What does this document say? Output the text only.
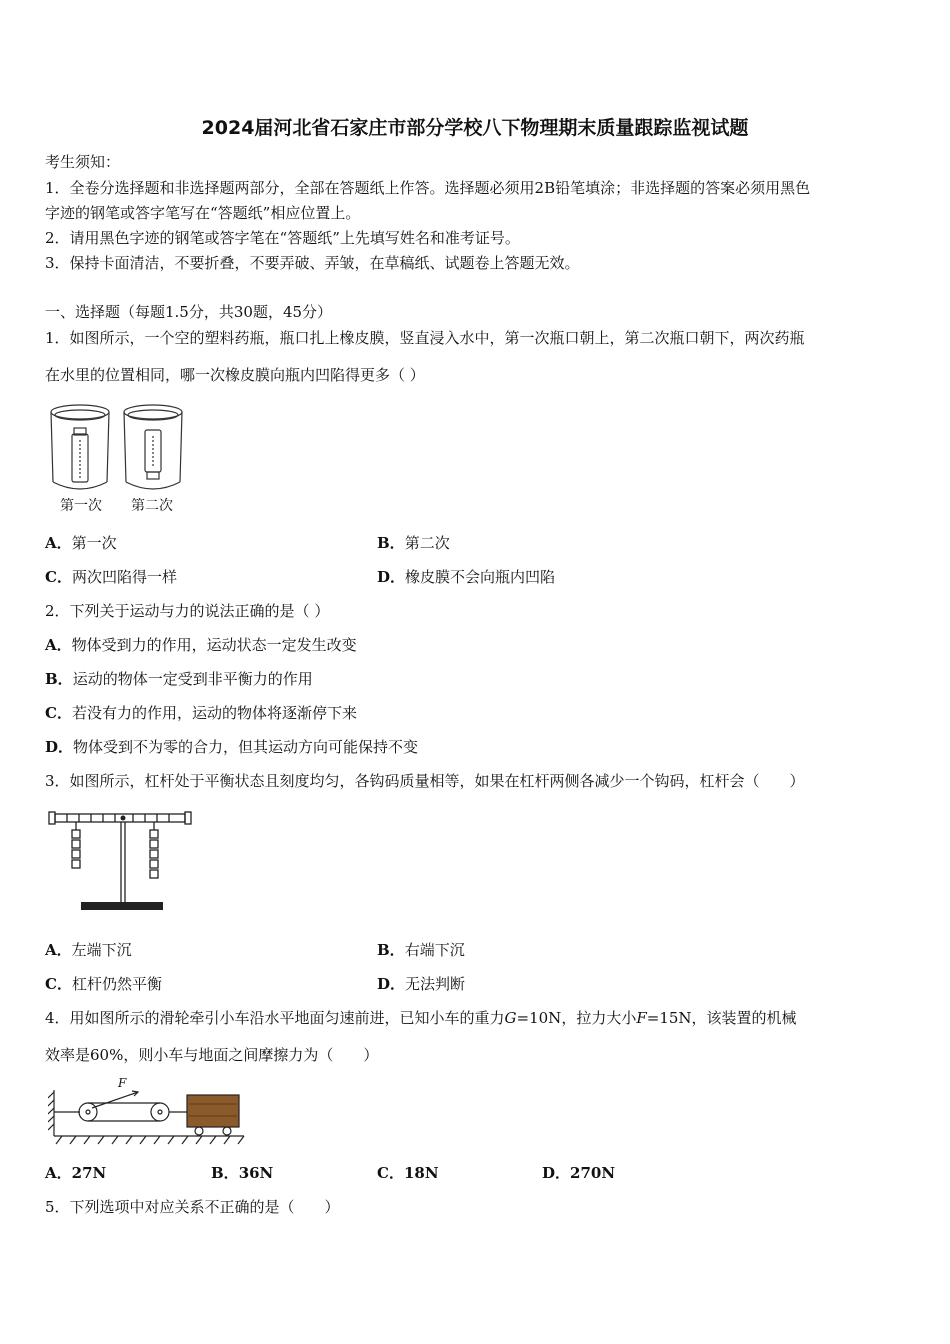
2024届河北省石家庄市部分学校八下物理期末质量跟踪监视试题
考生须知：
1．全卷分选择题和非选择题两部分，全部在答题纸上作答。选择题必须用2B铅笔填涂；非选择题的答案必须用黑色
字迹的钢笔或答字笔写在“答题纸”相应位置上。
2．请用黑色字迹的钢笔或答字笔在“答题纸”上先填写姓名和准考证号。
3．保持卡面清洁，不要折叠，不要弄破、弄皱，在草稿纸、试题卷上答题无效。
一、选择题（每题1.5分，共30题，45分）
1．如图所示，一个空的塑料药瓶，瓶口扎上橡皮膜，竖直浸入水中，第一次瓶口朝上，第二次瓶口朝下，两次药瓶
在水里的位置相同，哪一次橡皮膜向瓶内凹陷得更多（ ）
第一次 第二次
A．第一次	B．第二次
C．两次凹陷得一样	D．橡皮膜不会向瓶内凹陷
2．下列关于运动与力的说法正确的是（ ）
A．物体受到力的作用，运动状态一定发生改变
B．运动的物体一定受到非平衡力的作用
C．若没有力的作用，运动的物体将逐渐停下来
D．物体受到不为零的合力，但其运动方向可能保持不变
3．如图所示，杠杆处于平衡状态且刻度均匀，各钩码质量相等，如果在杠杆两侧各减少一个钩码，杠杆会（　　）
A．左端下沉	B．右端下沉
C．杠杆仍然平衡	D．无法判断
4．用如图所示的滑轮牵引小车沿水平地面匀速前进，已知小车的重力G=10N，拉力大小F=15N，该装置的机械
效率是60%，则小车与地面之间摩擦力为（　　）
F
A．27N	B．36N	C．18N	D．270N
5．下列选项中对应关系不正确的是（　　）
